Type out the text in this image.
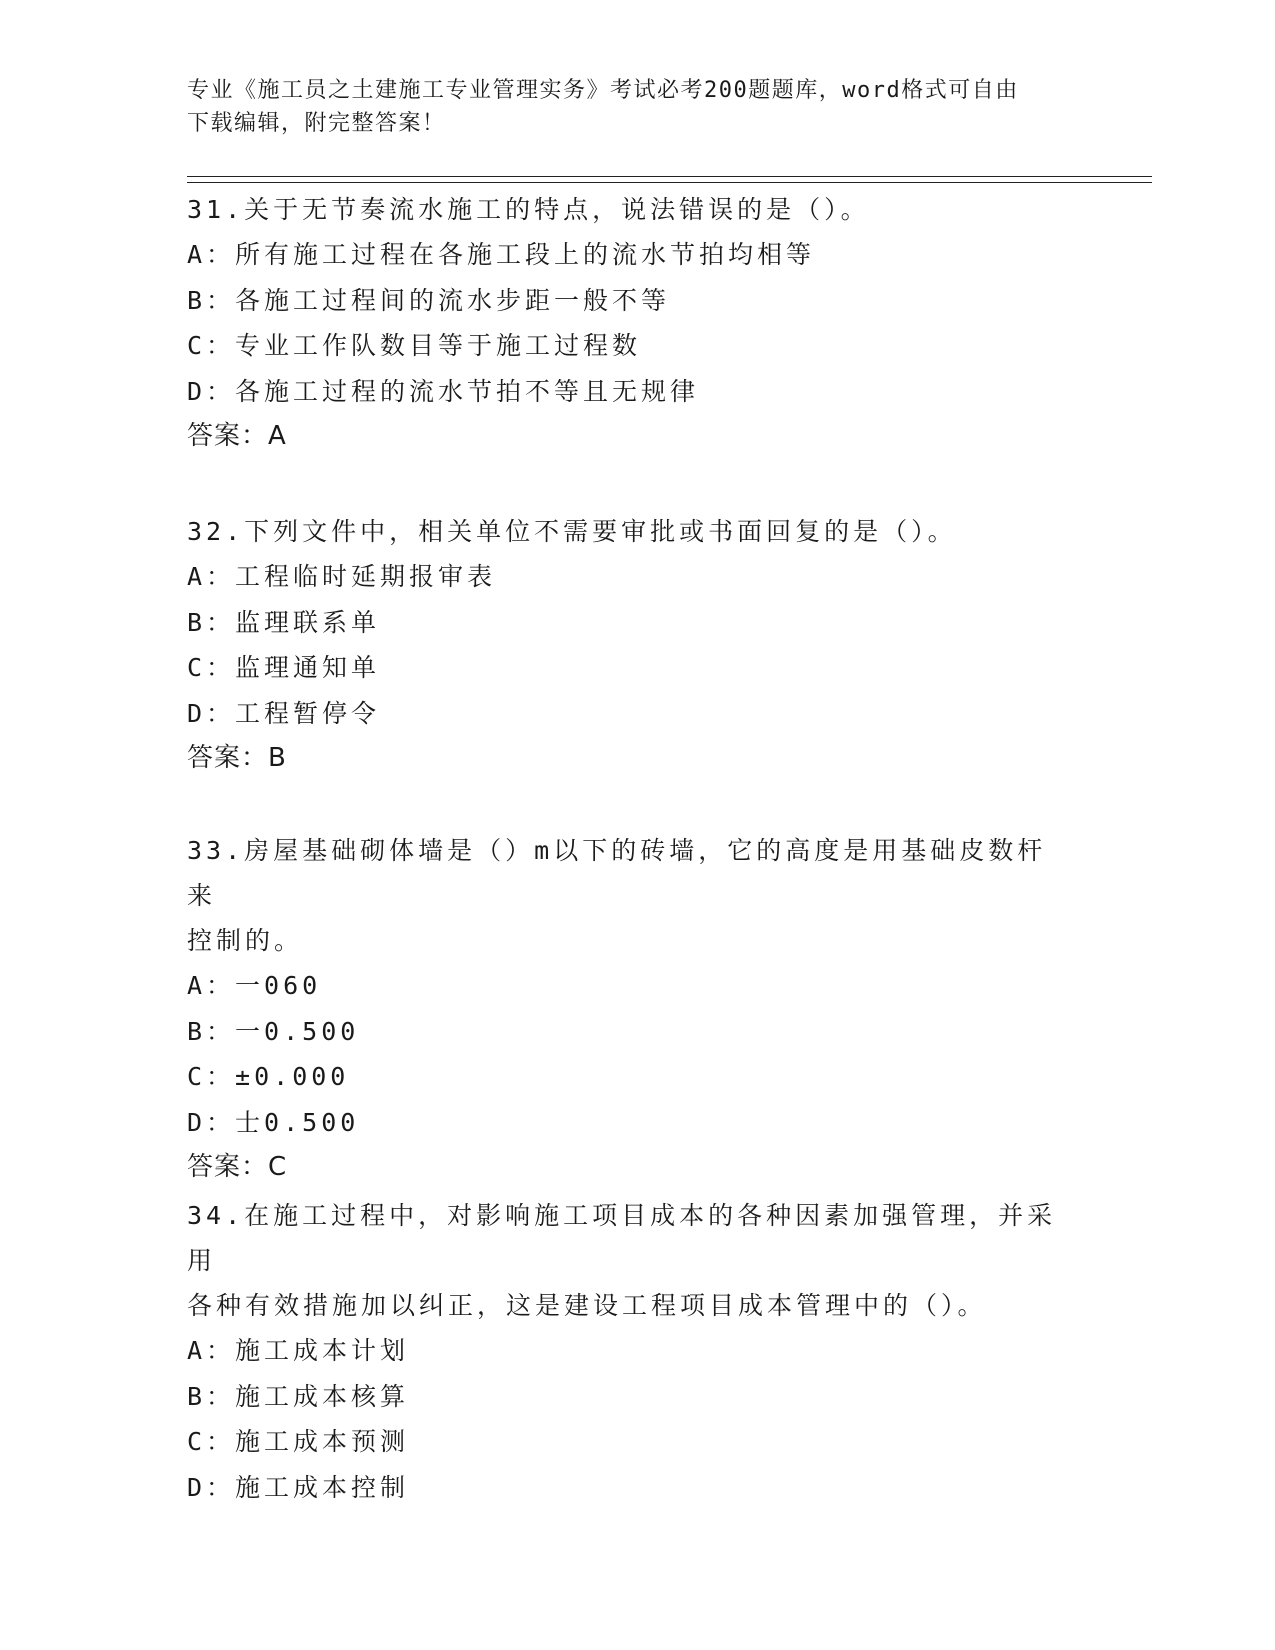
专业《施工员之土建施工专业管理实务》考试必考200题题库，word格式可自由
下载编辑，附完整答案！

31.关于无节奏流水施工的特点，说法错误的是（）。

A：所有施工过程在各施工段上的流水节拍均相等

B：各施工过程间的流水步距一般不等

C：专业工作队数目等于施工过程数

D：各施工过程的流水节拍不等且无规律

答案：A

32.下列文件中，相关单位不需要审批或书面回复的是（）。

A：工程临时延期报审表

B：监理联系单

C：监理通知单

D：工程暂停令

答案：B

33.房屋基础砌体墙是（）m以下的砖墙，它的高度是用基础皮数杆来

控制的。

A：一060

B：一0.500

C：±0.000

D：士0.500

答案：C

34.在施工过程中，对影响施工项目成本的各种因素加强管理，并采用

各种有效措施加以纠正，这是建设工程项目成本管理中的（）。

A：施工成本计划

B：施工成本核算

C：施工成本预测

D：施工成本控制
